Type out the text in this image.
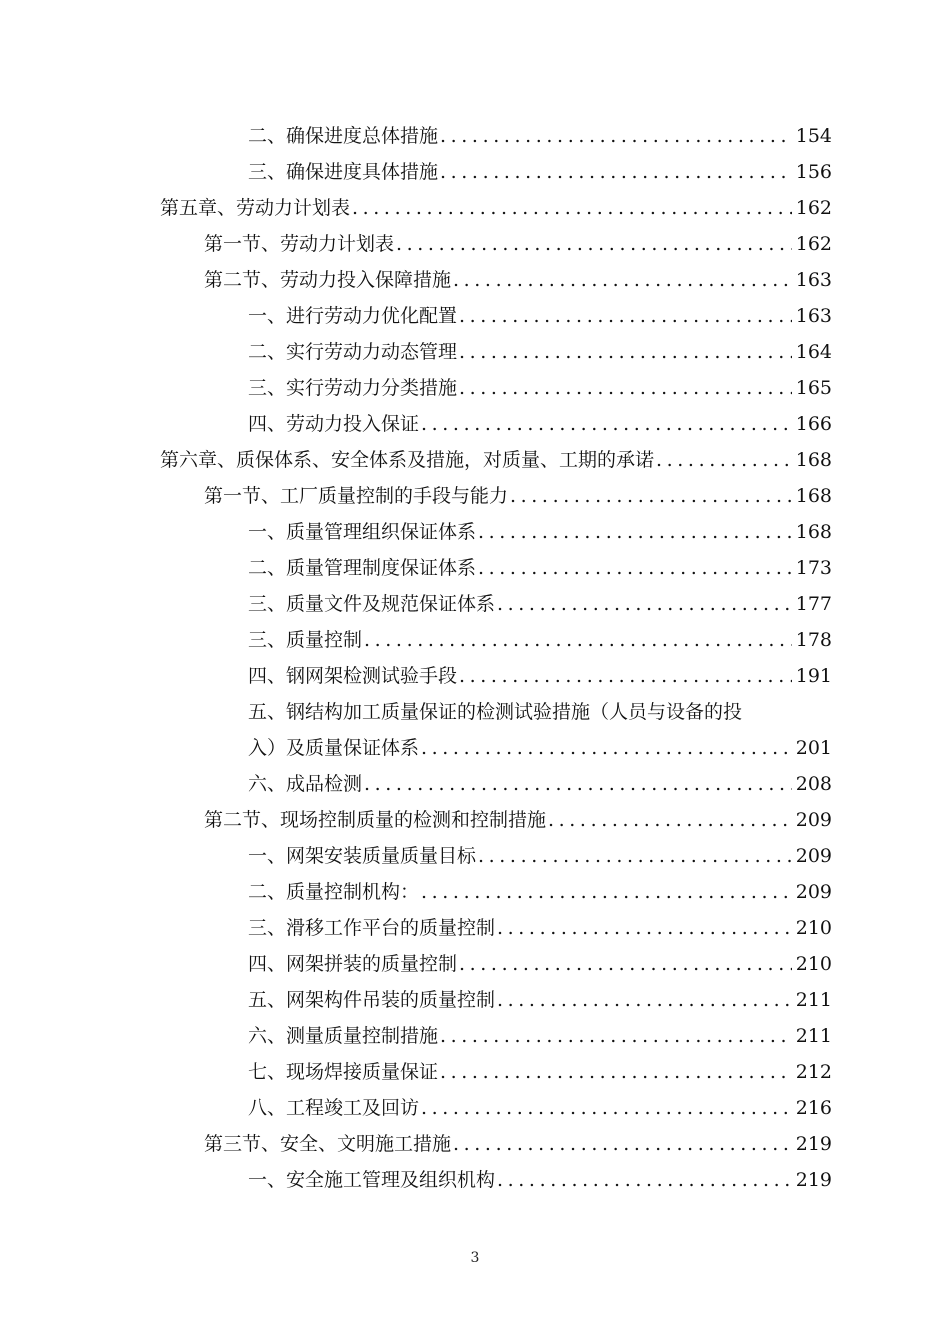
二、确保进度总体措施 .....	154
三、确保进度具体措施 .....	156
第五章、劳动力计划表 .....	162
第一节、劳动力计划表 .....	162
第二节、劳动力投入保障措施 .....	163
一、进行劳动力优化配置 .....	163
二、实行劳动力动态管理 .....	164
三、实行劳动力分类措施 .....	165
四、劳动力投入保证 .....	166
第六章、质保体系、安全体系及措施，对质量、工期的承诺 .....	168
第一节、工厂质量控制的手段与能力 .....	168
一、质量管理组织保证体系 .....	168
二、质量管理制度保证体系 .....	173
三、质量文件及规范保证体系 .....	177
三、质量控制 .....	178
四、钢网架检测试验手段 .....	191
五、钢结构加工质量保证的检测试验措施（人员与设备的投
入）及质量保证体系 .....	201
六、成品检测 .....	208
第二节、现场控制质量的检测和控制措施 .....	209
一、网架安装质量质量目标 .....	209
二、质量控制机构： .....	209
三、滑移工作平台的质量控制 .....	210
四、网架拼装的质量控制 .....	210
五、网架构件吊装的质量控制 .....	211
六、测量质量控制措施 .....	211
七、现场焊接质量保证 .....	212
八、工程竣工及回访 .....	216
第三节、安全、文明施工措施 .....	219
一、安全施工管理及组织机构 .....	219
3
